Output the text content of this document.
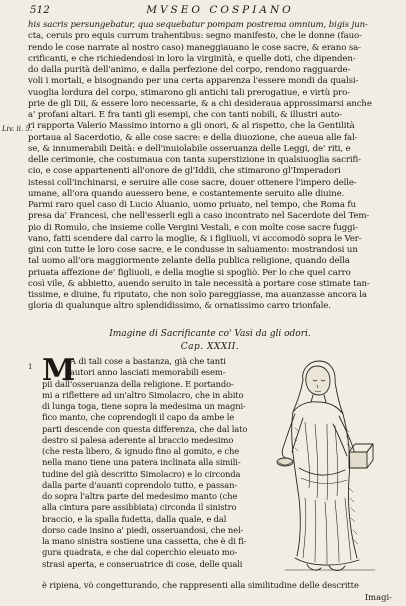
512	MVSEO COSPIANO
Liv. li. 5.
his sacris persungebatur, qua sequebatur pompam postrema omnium, bigis jun-
cta, ceruis pro equis currum trahentibus: segno manifesto, che le donne (fauo-
rendo le cose narrate al nostro caso) maneggiauano le cose sacre, & erano sa-
crificanti, e che richiedendosi in loro la virginità, e quelle doti, che dipenden-
do dalla purità dell'animo, e dalla perfezione del corpo, rendono ragguarde-
voli i mortali, e bisognando per una certa apparenza l'essere mondi da qualsi-
vuoglia lordura del corpo, stimarono gli antichi tali prerogatiue, e virtù pro-
prie de gli Dii, & essere loro necessarie, & a chi desideraua approssimarsi anche
a' profani altari. E fra tanti gli esempi, che con tanti nobili, & illustri auto-
ri rapporta Valerio Massimo intorno a gli onori, & al rispetto, che la Gentilità
portaua al Sacerdotio, & alle cose sacre: e della diuozione, che aueua alle fal-
se, & innumerabili Deità: e dell'inuiolabile osseruanza delle Leggi, de' riti, e
delle cerimonie, che costumaua con tanta superstizione in qualsiuoglia sacrifi-
cio, e cose appartenenti all'onore de gl'Iddii, che stimarono gl'Imperadori
istessi coll'inchinarsi, e seruire alle cose sacre, douer ottenere l'impero delle-
umane, all'ora quando auessero bene, e costantemente seruito alle diuine.
Parmi raro quel caso di Lucio Aluanio, uomo priuato, nel tempo, che Roma fu
presa da' Francesi, che nell'esserli egli a caso incontrato nel Sacerdote del Tem-
pio di Romulo, che insieme colle Vergini Vestali, e con molte cose sacre fuggi-
vano, fatti scendere dal carro la moglie, & i figliuoli, vi accomodò sopra le Ver-
gini con tutte le loro cose sacre, e le condusse in saluamento: mostrandosi un
tal uomo all'ora maggiormente zelante della publica religione, quando della
priuata affezione de' figliuoli, e della moglie si spogliò. Per lo che quel carro
così vile, & abbietto, auendo seruito in tale necessità a portare cose stimate tan-
tissime, e diuine, fu riputato, che non solo pareggiasse, ma auanzasse ancora la
gloria di qualunque altro splendidissimo, & ornatissimo carro trionfale.
Imagine di Sacrificante co' Vasi da gli odori.
Cap. XXXII.
1 M
A di tali cose a bastanza, già che tanti
autori anno lasciati memorabili esem-
pii dall'osseruanza della religione. E portando-
mi a riflettere ad un'altro Simolacro, che in abito
di lunga toga, tiene sopra la medesima un magni-
fico manto, che coprendogli il capo da ambe le
parti descende con questa differenza, che dal lato
destro si palesa aderente al braccio medesimo
(che resta libero, & ignudo fino al gomito, e che
nella mano tiene una patera inclinata alla simili-
tudine del già descritto Simolacro) e lo circonda
dalla parte d'auanti coprendolo tutto, e passan-
do sopra l'altra parte del medesimo manto (che
alla cintura pare assibbiata) circonda il sinistro
braccio, e la spalla fudetta, dalla quale, e dal
dorso cade insino a' piedi, osseruandosi, che nel-
la mano sinistra sostiene una cassetta, che è di fi-
gura quadrata, e che dal coperchio eleuato mo-
strasi aperta, e conseruatrice di cose, delle quali
è ripiena, vò congetturando, che rappresenti alla similitudine delle descritte
Imagi-
